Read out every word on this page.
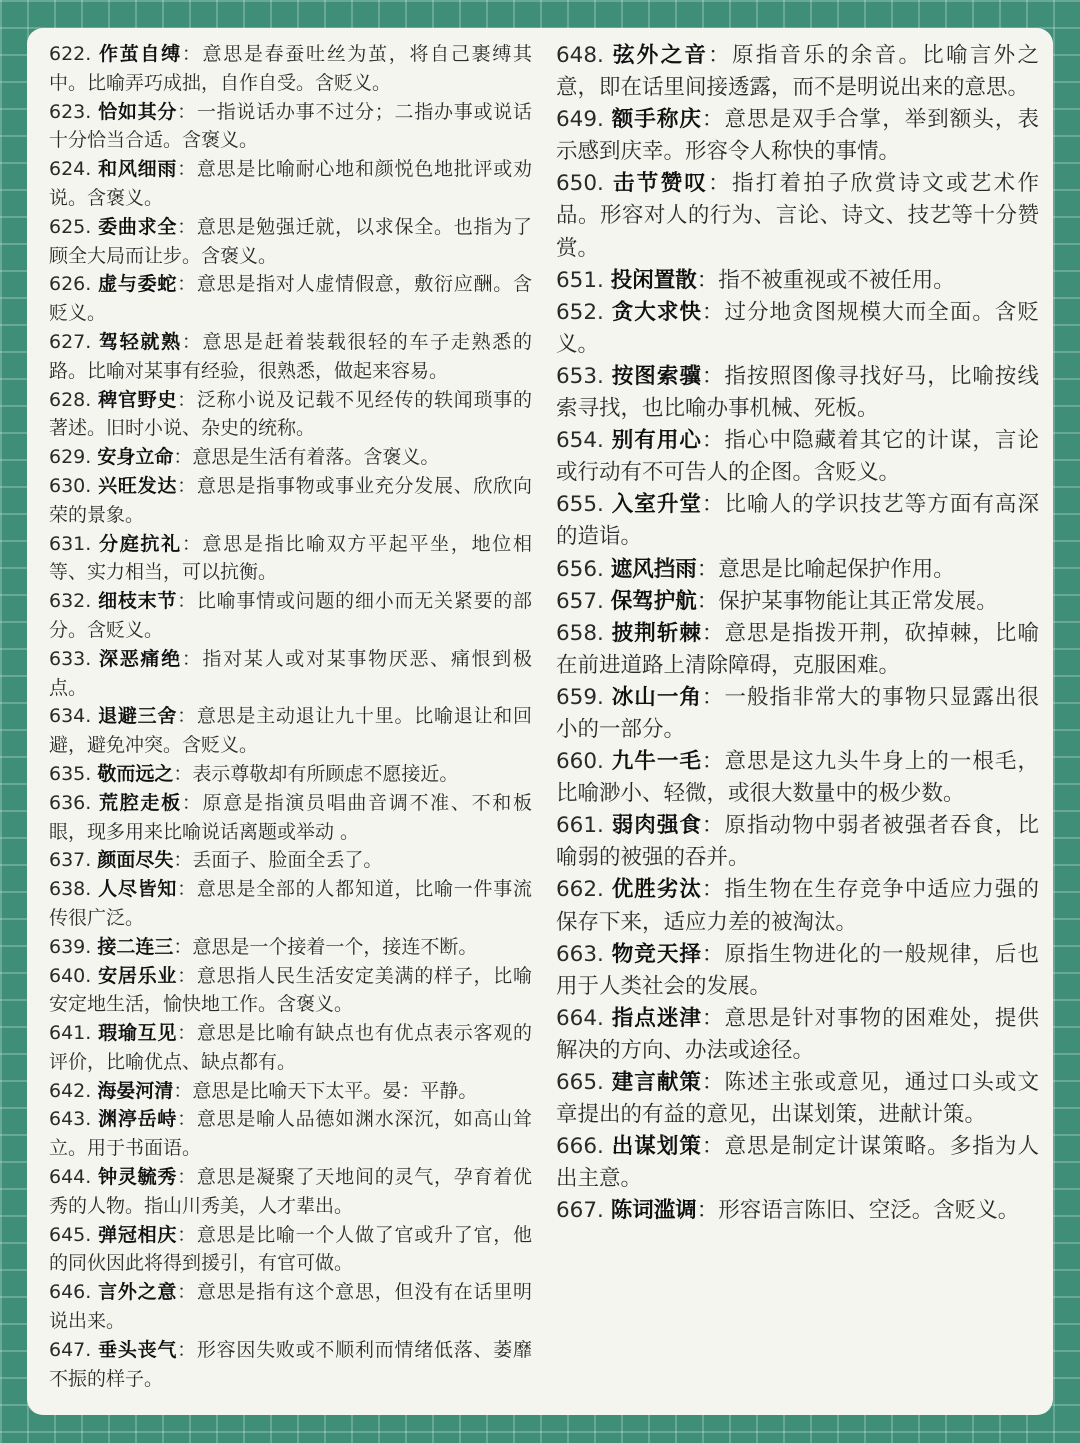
622. 作茧自缚：意思是春蚕吐丝为茧，将自己裹缚其中。比喻弄巧成拙，自作自受。含贬义。

623. 恰如其分：一指说话办事不过分；二指办事或说话十分恰当合适。含褒义。

624. 和风细雨：意思是比喻耐心地和颜悦色地批评或劝说。含褒义。

625. 委曲求全：意思是勉强迁就，以求保全。也指为了顾全大局而让步。含褒义。

626. 虚与委蛇：意思是指对人虚情假意，敷衍应酬。含贬义。

627. 驾轻就熟：意思是赶着装载很轻的车子走熟悉的路。比喻对某事有经验，很熟悉，做起来容易。

628. 稗官野史：泛称小说及记载不见经传的轶闻琐事的著述。旧时小说、杂史的统称。

629. 安身立命：意思是生活有着落。含褒义。

630. 兴旺发达：意思是指事物或事业充分发展、欣欣向荣的景象。

631. 分庭抗礼：意思是指比喻双方平起平坐，地位相等、实力相当，可以抗衡。

632. 细枝末节：比喻事情或问题的细小而无关紧要的部分。含贬义。

633. 深恶痛绝：指对某人或对某事物厌恶、痛恨到极点。

634. 退避三舍：意思是主动退让九十里。比喻退让和回避，避免冲突。含贬义。

635. 敬而远之：表示尊敬却有所顾虑不愿接近。

636. 荒腔走板：原意是指演员唱曲音调不准、不和板眼，现多用来比喻说话离题或举动 。

637. 颜面尽失：丢面子、脸面全丢了。

638. 人尽皆知：意思是全部的人都知道，比喻一件事流传很广泛。

639. 接二连三：意思是一个接着一个，接连不断。

640. 安居乐业：意思指人民生活安定美满的样子，比喻安定地生活，愉快地工作。含褒义。

641. 瑕瑜互见：意思是比喻有缺点也有优点表示客观的评价，比喻优点、缺点都有。

642. 海晏河清：意思是比喻天下太平。晏：平静。

643. 渊渟岳峙：意思是喻人品德如渊水深沉，如高山耸立。用于书面语。

644. 钟灵毓秀：意思是凝聚了天地间的灵气，孕育着优秀的人物。指山川秀美，人才辈出。

645. 弹冠相庆：意思是比喻一个人做了官或升了官，他的同伙因此将得到援引，有官可做。

646. 言外之意：意思是指有这个意思，但没有在话里明说出来。

647. 垂头丧气：形容因失败或不顺利而情绪低落、萎靡不振的样子。

648. 弦外之音：原指音乐的余音。比喻言外之意，即在话里间接透露，而不是明说出来的意思。

649. 额手称庆：意思是双手合掌，举到额头，表示感到庆幸。形容令人称快的事情。

650. 击节赞叹：指打着拍子欣赏诗文或艺术作品。形容对人的行为、言论、诗文、技艺等十分赞赏。

651. 投闲置散：指不被重视或不被任用。

652. 贪大求快：过分地贪图规模大而全面。含贬义。

653. 按图索骥：指按照图像寻找好马，比喻按线索寻找，也比喻办事机械、死板。

654. 别有用心：指心中隐藏着其它的计谋，言论或行动有不可告人的企图。含贬义。

655. 入室升堂：比喻人的学识技艺等方面有高深的造诣。

656. 遮风挡雨：意思是比喻起保护作用。

657. 保驾护航：保护某事物能让其正常发展。

658. 披荆斩棘：意思是指拨开荆，砍掉棘，比喻在前进道路上清除障碍，克服困难。

659. 冰山一角：一般指非常大的事物只显露出很小的一部分。

660. 九牛一毛：意思是这九头牛身上的一根毛，比喻渺小、轻微，或很大数量中的极少数。

661. 弱肉强食：原指动物中弱者被强者吞食，比喻弱的被强的吞并。

662. 优胜劣汰：指生物在生存竞争中适应力强的保存下来，适应力差的被淘汰。

663. 物竞天择：原指生物进化的一般规律，后也用于人类社会的发展。

664. 指点迷津：意思是针对事物的困难处，提供解决的方向、办法或途径。

665. 建言献策：陈述主张或意见，通过口头或文章提出的有益的意见，出谋划策，进献计策。

666. 出谋划策：意思是制定计谋策略。多指为人出主意。

667. 陈词滥调：形容语言陈旧、空泛。含贬义。
